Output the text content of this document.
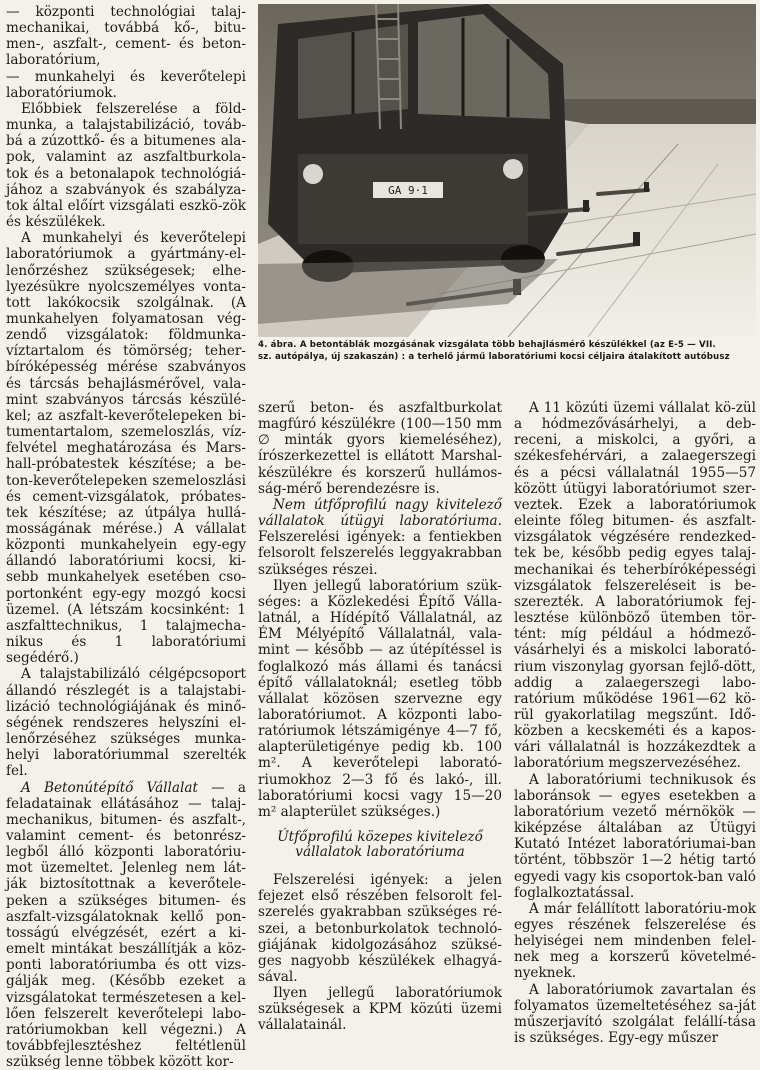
— központi technológiai talaj-mechanikai, továbbá kő-, bitu-men-, aszfalt-, cement- és beton-laboratórium,

— munkahelyi és keverőtelepi laboratóriumok.

Előbbiek felszerelése a föld-munka, a talajstabilizáció, továb-bá a zúzottkő- és a bitumenes ala-pok, valamint az aszfaltburkola-tok és a betonalapok technológiá-jához a szabványok és szabályza-tok által előírt vizsgálati eszkö-zök és készülékek.

A munkahelyi és keverőtelepi laboratóriumok a gyártmány-el-lenőrzéshez szükségesek; elhe-lyezésükre nyolcszemélyes vonta-tott lakókocsik szolgálnak. (A munkahelyen folyamatosan vég-zendő vizsgálatok: földmunka-víztartalom és tömörség; teher-bíróképesség mérése szabványos és tárcsás behajlásmérővel, vala-mint szabványos tárcsás készülé-kel; az aszfalt-keverőtelepeken bi-tumentartalom, szemeloszlás, víz-felvétel meghatározása és Mars-hall-próbatestek készítése; a be-ton-keverőtelepeken szemeloszlási és cement-vizsgálatok, próbates-tek készítése; az útpálya hullá-mosságának mérése.) A vállalat központi munkahelyein egy-egy állandó laboratóriumi kocsi, ki-sebb munkahelyek esetében cso-portonként egy-egy mozgó kocsi üzemel. (A létszám kocsinként: 1 aszfalttechnikus, 1 talajmecha-nikus és 1 laboratóriumi segédérő.)

A talajstabilizáló célgépcsoport állandó részlegét is a talajstabi-lizáció technológiájának és minő-ségének rendszeres helyszíni el-lenőrzéséhez szükséges munka-helyi laboratóriummal szerelték fel.

A Betonútépítő Vállalat — a feladatainak ellátásához — talaj-mechanikus, bitumen- és aszfalt-, valamint cement- és betonrész-legből álló központi laboratóriu-mot üzemeltet. Jelenleg nem lát-ják biztosítottnak a keverőtele-peken a szükséges bitumen- és aszfalt-vizsgálatoknak kellő pon-tosságú elvégzését, ezért a ki-emelt mintákat beszállítják a köz-ponti laboratóriumba és ott vizs-gálják meg. (Később ezeket a vizsgálatokat természetesen a kel-lően felszerelt keverőtelepi labo-ratóriumokban kell végezni.) A továbbfejlesztéshez feltétlenül szükség lenne többek között kor-

GA 9·1
4. ábra. A betontáblák mozgásának vizsgálata több behajlásmérő készülékkel (az E-5 — VII.
sz. autópálya, új szakaszán) : a terhelő jármű laboratóriumi kocsi céljaira átalakított autóbusz

szerű beton- és aszfaltburkolat magfúró készülékre (100—150 mm ∅ minták gyors kiemeléséhez), írószerkezettel is ellátott Marshal-készülékre és korszerű hullámos-ság-mérő berendezésre is.

Nem útfőprofilú nagy kivitelező vállalatok útügyi laboratóriuma. Felszerelési igények: a fentiekben felsorolt felszerelés leggyakrabban szükséges részei.

Ilyen jellegű laboratórium szük-séges: a Közlekedési Építő Válla-latnál, a Hídépítő Vállalatnál, az ÉM Mélyépítő Vállalatnál, vala-mint — később — az útépítéssel is foglalkozó más állami és tanácsi építő vállalatoknál; esetleg több vállalat közösen szervezne egy laboratóriumot. A központi labo-ratóriumok létszámigénye 4—7 fő, alapterületigénye pedig kb. 100 m². A keverőtelepi laborató-riumokhoz 2—3 fő és lakó-, ill. laboratóriumi kocsi vagy 15—20 m² alapterület szükséges.)

Útfőprofilú közepes kivitelező vállalatok laboratóriuma

Felszerelési igények: a jelen fejezet első részében felsorolt fel-szerelés gyakrabban szükséges ré-szei, a betonburkolatok technoló-giájának kidolgozásához szüksé-ges nagyobb készülékek elhagyá-sával.

Ilyen jellegű laboratóriumok szükségesek a KPM közúti üzemi vállalatainál.

A 11 közúti üzemi vállalat kö-zül a hódmezővásárhelyi, a deb-receni, a miskolci, a győri, a székesfehérvári, a zalaegerszegi és a pécsi vállalatnál 1955—57 között útügyi laboratóriumot szer-veztek. Ezek a laboratóriumok eleinte főleg bitumen- és aszfalt-vizsgálatok végzésére rendezked-tek be, később pedig egyes talaj-mechanikai és teherbíróképességi vizsgálatok felszereléseit is be-szerezték. A laboratóriumok fej-lesztése különböző ütemben tör-tént: míg például a hódmező-vásárhelyi és a miskolci laborató-rium viszonylag gyorsan fejlő-dött, addig a zalaegerszegi labo-ratórium működése 1961—62 kö-rül gyakorlatilag megszűnt. Idő-közben a kecskeméti és a kapos-vári vállalatnál is hozzákezdtek a laboratórium megszervezéséhez.

A laboratóriumi technikusok és laboránsok — egyes esetekben a laboratórium vezető mérnökök — kiképzése általában az Útügyi Kutató Intézet laboratóriumai-ban történt, többször 1—2 hétig tartó egyedi vagy kis csoportok-ban való foglalkoztatással.

A már felállított laboratóriu-mok egyes részének felszerelése és helyiségei nem mindenben felel-nek meg a korszerű követelmé-nyeknek.

A laboratóriumok zavartalan és folyamatos üzemeltetéséhez sa-ját műszerjavító szolgálat felállí-tása is szükséges. Egy-egy műszer
